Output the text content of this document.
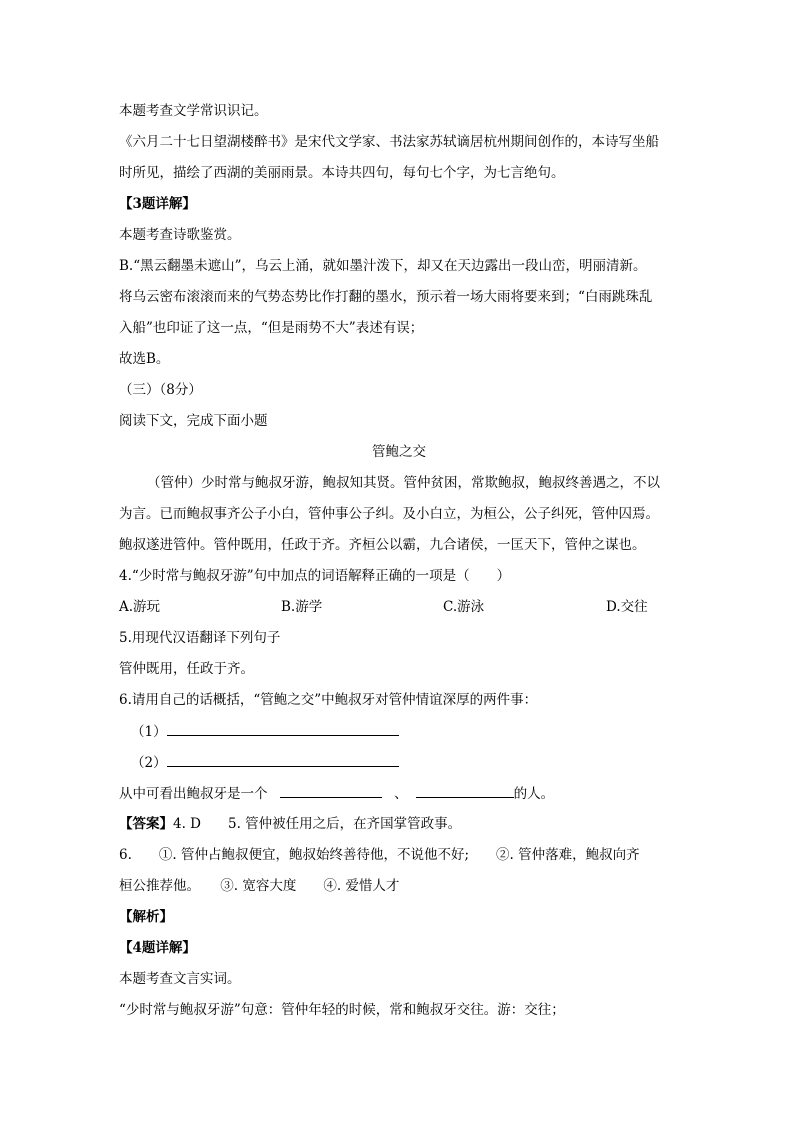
本题考查文学常识识记。
《六月二十七日望湖楼醉书》是宋代文学家、书法家苏轼谪居杭州期间创作的，本诗写坐船
时所见，描绘了西湖的美丽雨景。本诗共四句，每句七个字，为七言绝句。
【3题详解】
本题考查诗歌鉴赏。
B.“黑云翻墨未遮山”，乌云上涌，就如墨汁泼下，却又在天边露出一段山峦，明丽清新。
将乌云密布滚滚而来的气势态势比作打翻的墨水，预示着一场大雨将要来到；“白雨跳珠乱
入船”也印证了这一点，“但是雨势不大”表述有误；
故选B。
（三）（8分）
阅读下文，完成下面小题
管鲍之交
（管仲）少时常与鲍叔牙游，鲍叔知其贤。管仲贫困，常欺鲍叔，鲍叔终善遇之，不以
为言。已而鲍叔事齐公子小白，管仲事公子纠。及小白立，为桓公，公子纠死，管仲囚焉。
鲍叔遂进管仲。管仲既用，任政于齐。齐桓公以霸，九合诸侯，一匡天下，管仲之谋也。
4.“少时常与鲍叔牙游”句中加点的词语解释正确的一项是（　　）
A.游玩	B.游学	C.游泳	D.交往
5.用现代汉语翻译下列句子
管仲既用，任政于齐。
6.请用自己的话概括，“管鲍之交”中鲍叔牙对管仲情谊深厚的两件事：
（1）
（2）
从中可看出鲍叔牙是一个	、	的人。
【答案】4. D　　5. 管仲被任用之后，在齐国掌管政事。
6.　　①. 管仲占鲍叔便宜，鲍叔始终善待他，不说他不好;　　②. 管仲落难，鲍叔向齐
桓公推荐他。　　③. 宽容大度　　④. 爱惜人才
【解析】
【4题详解】
本题考查文言实词。
“少时常与鲍叔牙游”句意：管仲年轻的时候，常和鲍叔牙交往。游：交往；
